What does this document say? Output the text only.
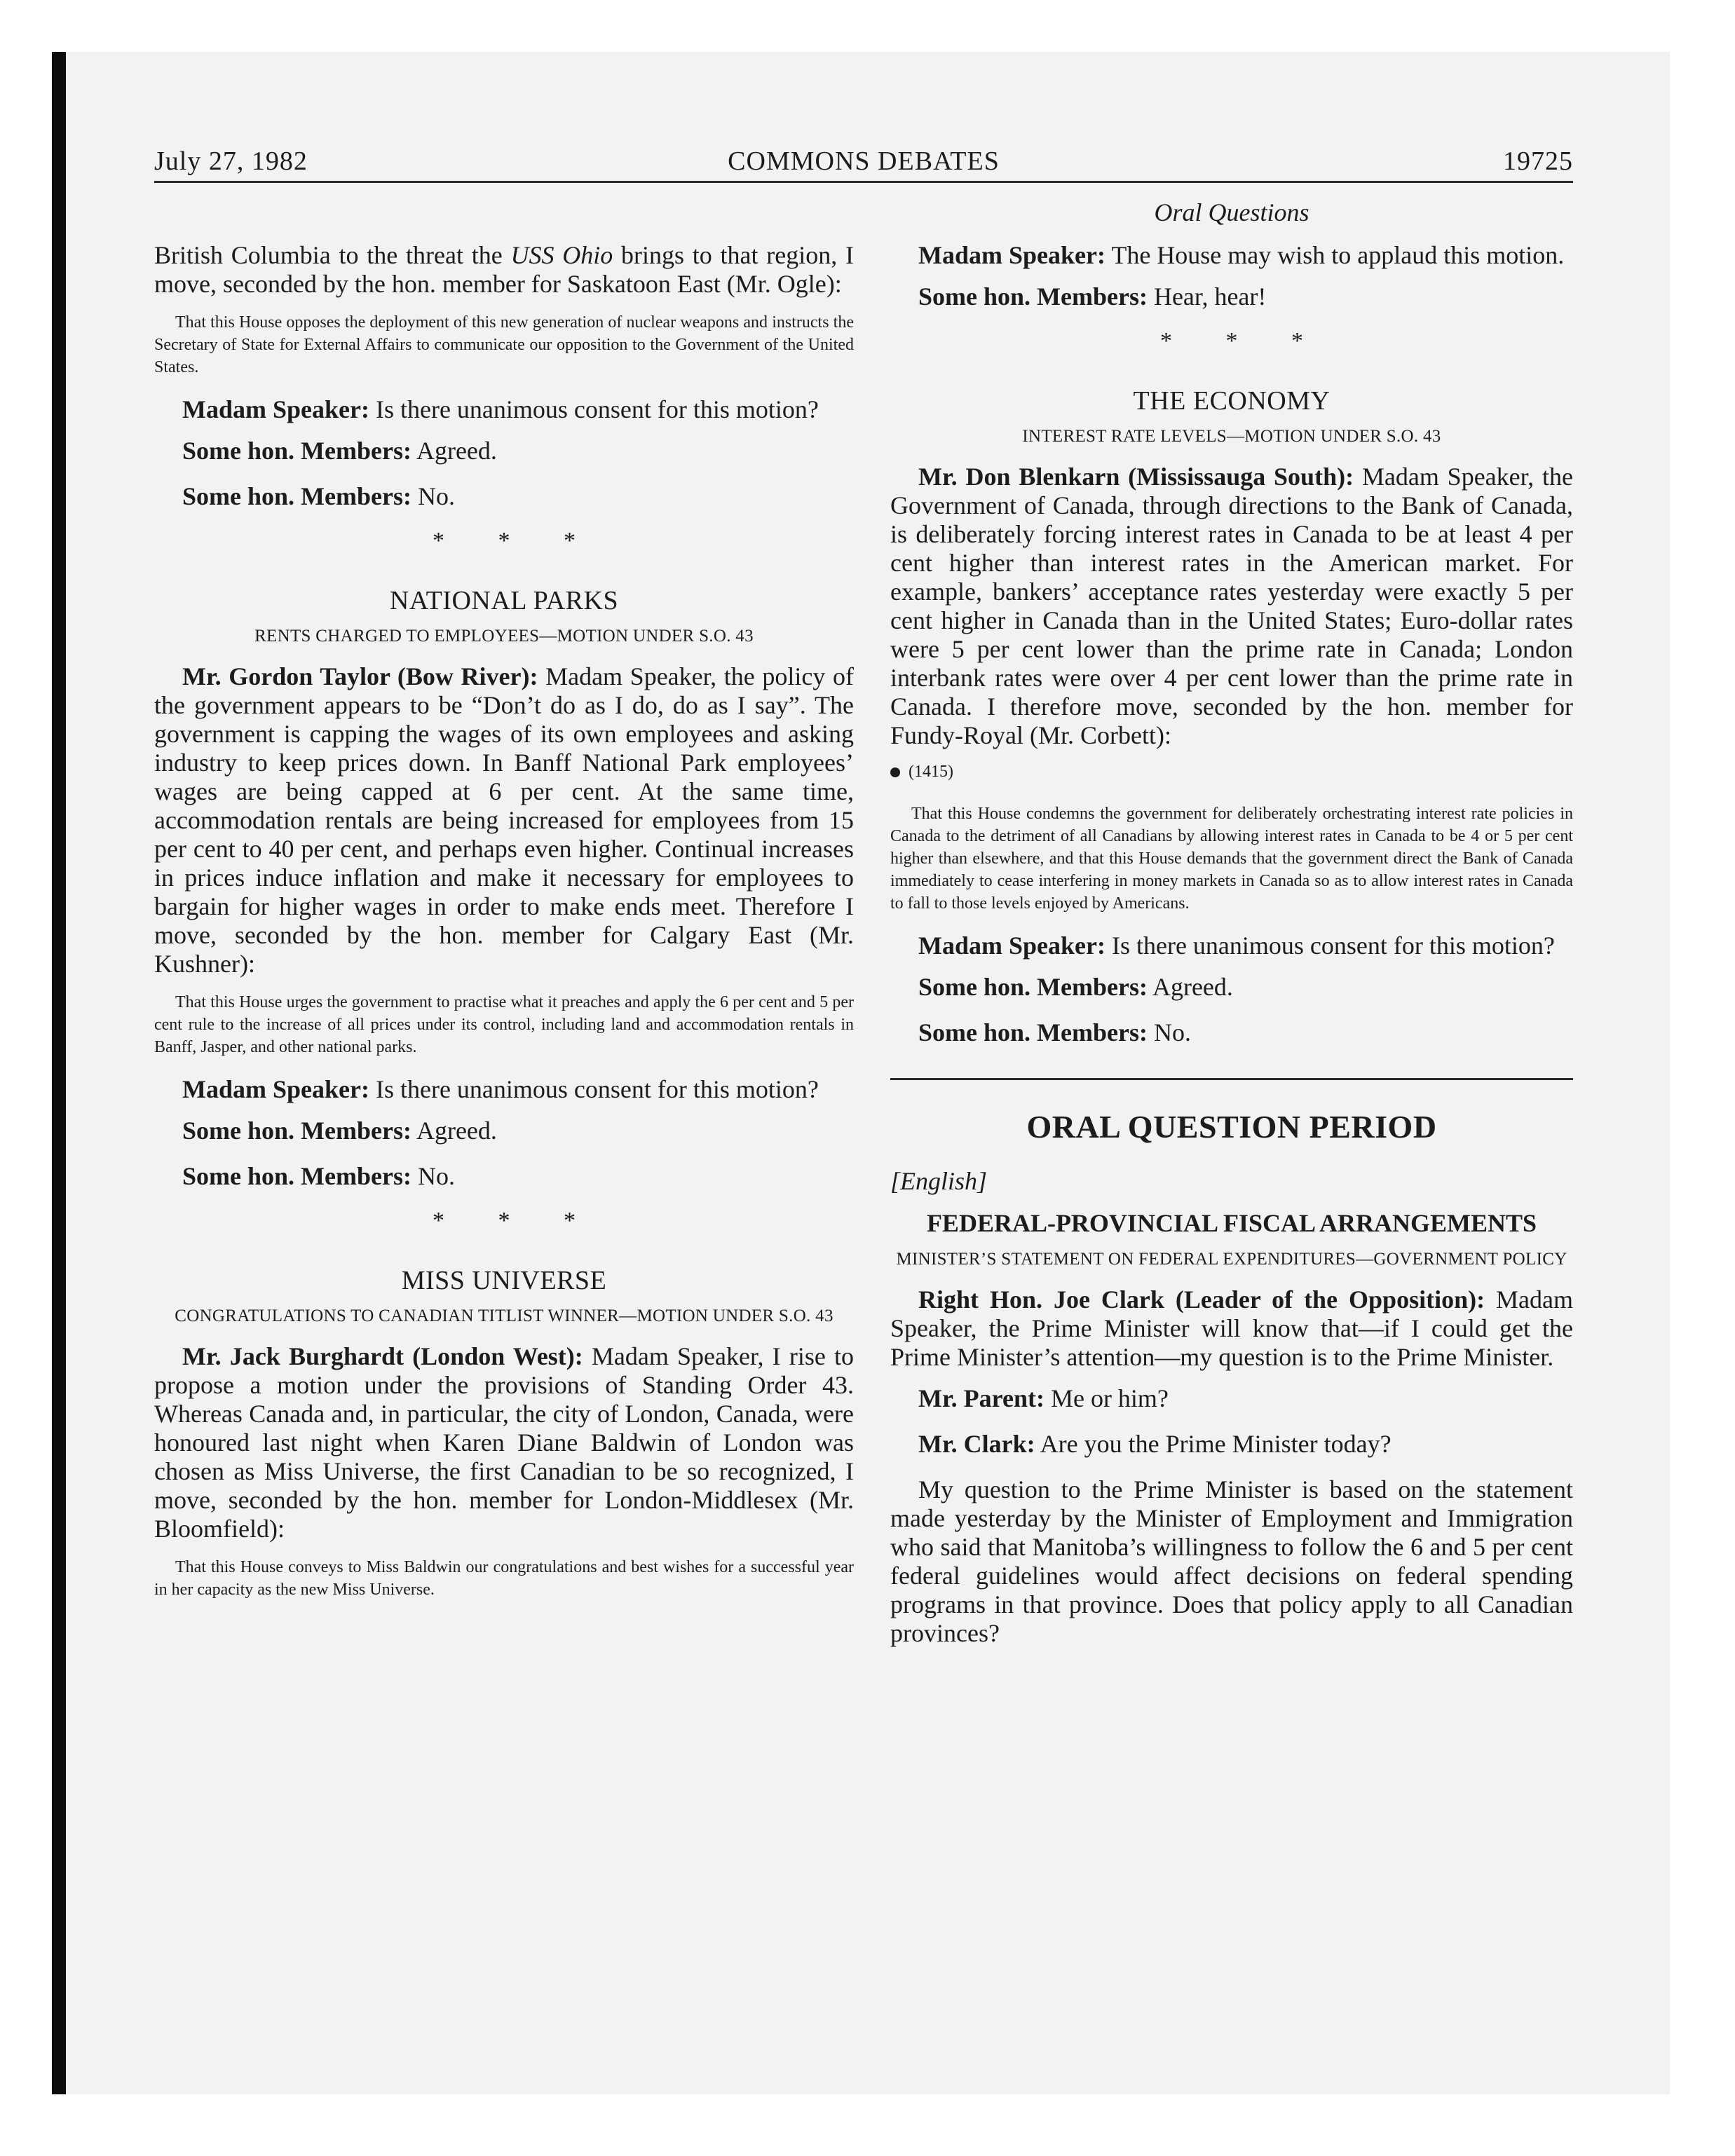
July 27, 1982	COMMONS DEBATES	19725
Oral Questions

British Columbia to the threat the USS Ohio brings to that region, I move, seconded by the hon. member for Saskatoon East (Mr. Ogle):

That this House opposes the deployment of this new generation of nuclear weapons and instructs the Secretary of State for External Affairs to communicate our opposition to the Government of the United States.

Madam Speaker: Is there unanimous consent for this motion?

Some hon. Members: Agreed.

Some hon. Members: No.

* * *
NATIONAL PARKS
RENTS CHARGED TO EMPLOYEES—MOTION UNDER S.O. 43

Mr. Gordon Taylor (Bow River): Madam Speaker, the policy of the government appears to be “Don’t do as I do, do as I say”. The government is capping the wages of its own employees and asking industry to keep prices down. In Banff National Park employees’ wages are being capped at 6 per cent. At the same time, accommodation rentals are being increased for employees from 15 per cent to 40 per cent, and perhaps even higher. Continual increases in prices induce inflation and make it necessary for employees to bargain for higher wages in order to make ends meet. Therefore I move, seconded by the hon. member for Calgary East (Mr. Kushner):

That this House urges the government to practise what it preaches and apply the 6 per cent and 5 per cent rule to the increase of all prices under its control, including land and accommodation rentals in Banff, Jasper, and other national parks.

Madam Speaker: Is there unanimous consent for this motion?

Some hon. Members: Agreed.

Some hon. Members: No.

* * *
MISS UNIVERSE
CONGRATULATIONS TO CANADIAN TITLIST WINNER—MOTION UNDER S.O. 43

Mr. Jack Burghardt (London West): Madam Speaker, I rise to propose a motion under the provisions of Standing Order 43. Whereas Canada and, in particular, the city of London, Canada, were honoured last night when Karen Diane Baldwin of London was chosen as Miss Universe, the first Canadian to be so recognized, I move, seconded by the hon. member for London-Middlesex (Mr. Bloomfield):

That this House conveys to Miss Baldwin our congratulations and best wishes for a successful year in her capacity as the new Miss Universe.

Madam Speaker: The House may wish to applaud this motion.

Some hon. Members: Hear, hear!

* * *
THE ECONOMY
INTEREST RATE LEVELS—MOTION UNDER S.O. 43

Mr. Don Blenkarn (Mississauga South): Madam Speaker, the Government of Canada, through directions to the Bank of Canada, is deliberately forcing interest rates in Canada to be at least 4 per cent higher than interest rates in the American market. For example, bankers’ acceptance rates yesterday were exactly 5 per cent higher in Canada than in the United States; Euro-dollar rates were 5 per cent lower than the prime rate in Canada; London interbank rates were over 4 per cent lower than the prime rate in Canada. I therefore move, seconded by the hon. member for Fundy-Royal (Mr. Corbett):

(1415)

That this House condemns the government for deliberately orchestrating interest rate policies in Canada to the detriment of all Canadians by allowing interest rates in Canada to be 4 or 5 per cent higher than elsewhere, and that this House demands that the government direct the Bank of Canada immediately to cease interfering in money markets in Canada so as to allow interest rates in Canada to fall to those levels enjoyed by Americans.

Madam Speaker: Is there unanimous consent for this motion?

Some hon. Members: Agreed.

Some hon. Members: No.

ORAL QUESTION PERIOD
[English]
FEDERAL-PROVINCIAL FISCAL ARRANGEMENTS
MINISTER’S STATEMENT ON FEDERAL EXPENDITURES—GOVERNMENT POLICY

Right Hon. Joe Clark (Leader of the Opposition): Madam Speaker, the Prime Minister will know that—if I could get the Prime Minister’s attention—my question is to the Prime Minister.

Mr. Parent: Me or him?

Mr. Clark: Are you the Prime Minister today?

My question to the Prime Minister is based on the statement made yesterday by the Minister of Employment and Immigration who said that Manitoba’s willingness to follow the 6 and 5 per cent federal guidelines would affect decisions on federal spending programs in that province. Does that policy apply to all Canadian provinces?
